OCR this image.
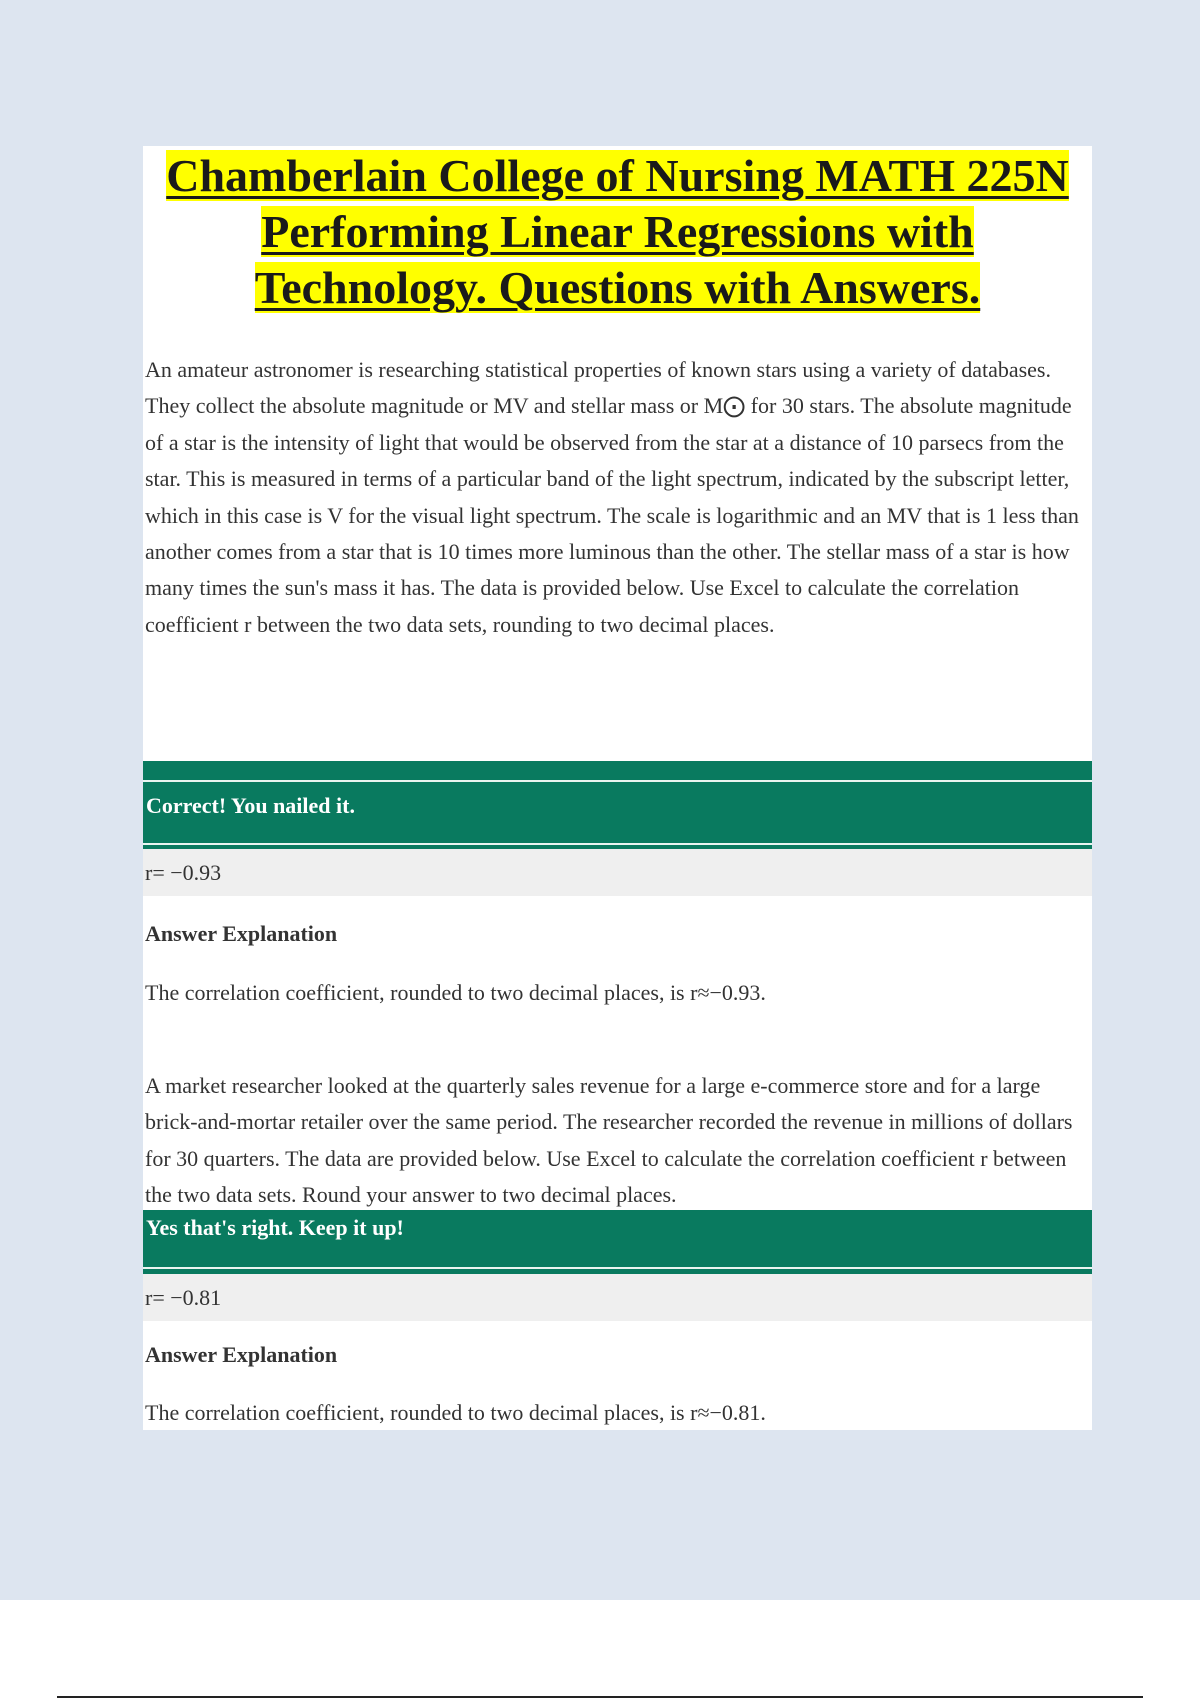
Chamberlain College of Nursing MATH 225N Performing Linear Regressions with Technology. Questions with Answers.

An amateur astronomer is researching statistical properties of known stars using a variety of databases. They collect the absolute magnitude or MV and stellar mass or M⨀ for 30 stars. The absolute magnitude of a star is the intensity of light that would be observed from the star at a distance of 10 parsecs from the star. This is measured in terms of a particular band of the light spectrum, indicated by the subscript letter, which in this case is V for the visual light spectrum. The scale is logarithmic and an MV that is 1 less than another comes from a star that is 10 times more luminous than the other. The stellar mass of a star is how many times the sun's mass it has. The data is provided below. Use Excel to calculate the correlation coefficient r between the two data sets, rounding to two decimal places.

Correct! You nailed it.
r= −0.93
Answer Explanation
The correlation coefficient, rounded to two decimal places, is r≈−0.93.

A market researcher looked at the quarterly sales revenue for a large e-commerce store and for a large brick-and-mortar retailer over the same period. The researcher recorded the revenue in millions of dollars for 30 quarters. The data are provided below. Use Excel to calculate the correlation coefficient r between the two data sets. Round your answer to two decimal places.

Yes that's right. Keep it up!
r= −0.81
Answer Explanation
The correlation coefficient, rounded to two decimal places, is r≈−0.81.
